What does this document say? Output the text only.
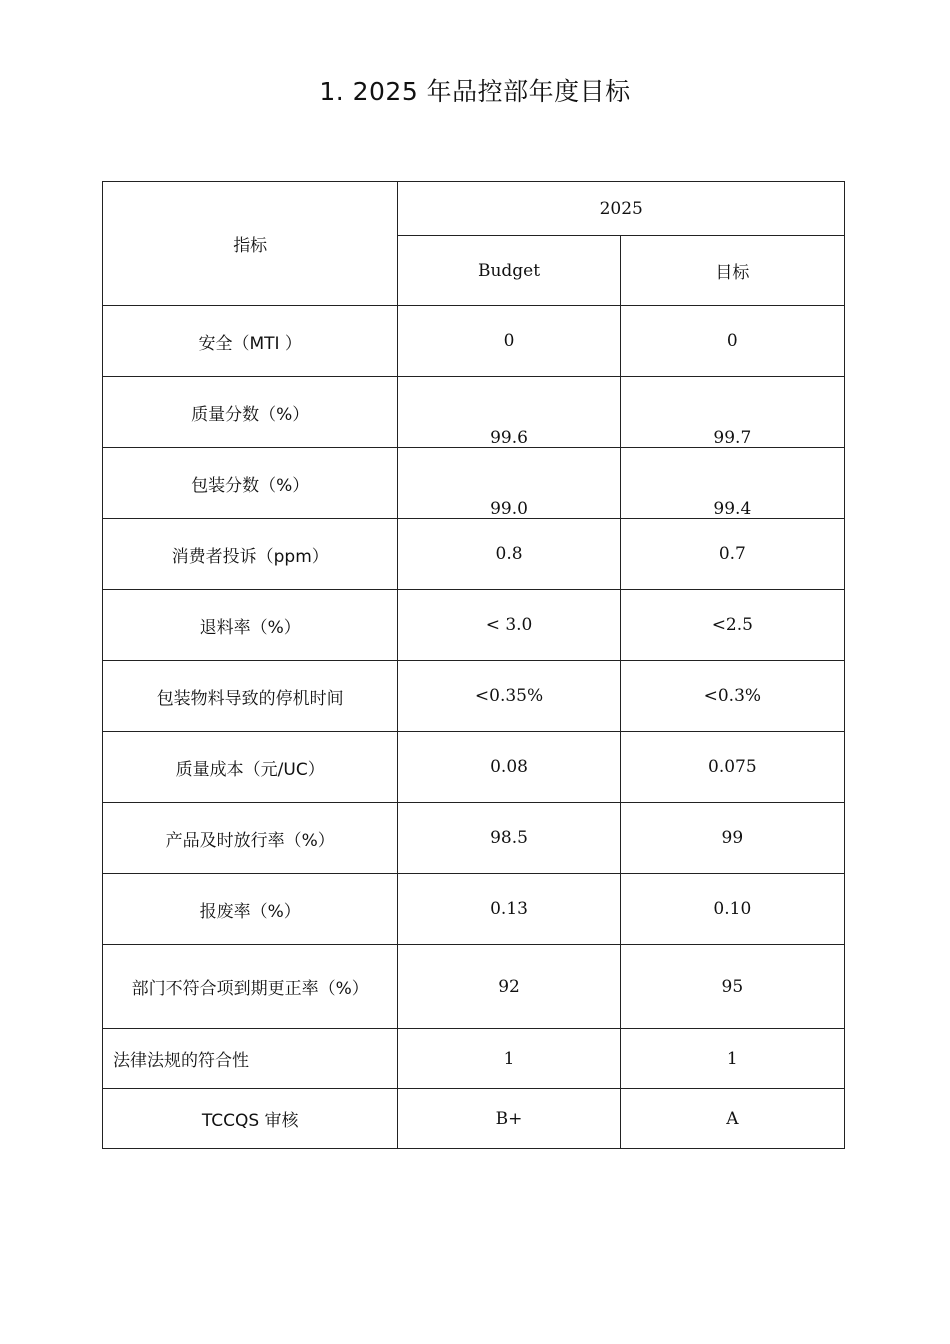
1. 2025 年品控部年度目标
指标	2025	
	Budget	目标
安全（MTI ）	0	0
质量分数（%）	99.6	99.7
包装分数（%）	99.0	99.4
消费者投诉（ppm）	0.8	0.7
退料率（%）	< 3.0	<2.5
包装物料导致的停机时间	<0.35%	<0.3%
质量成本（元/UC）	0.08	0.075
产品及时放行率（%）	98.5	99
报废率（%）	0.13	0.10
部门不符合项到期更正率（%）	92	95
法律法规的符合性	1	1
TCCQS 审核	B+	A
